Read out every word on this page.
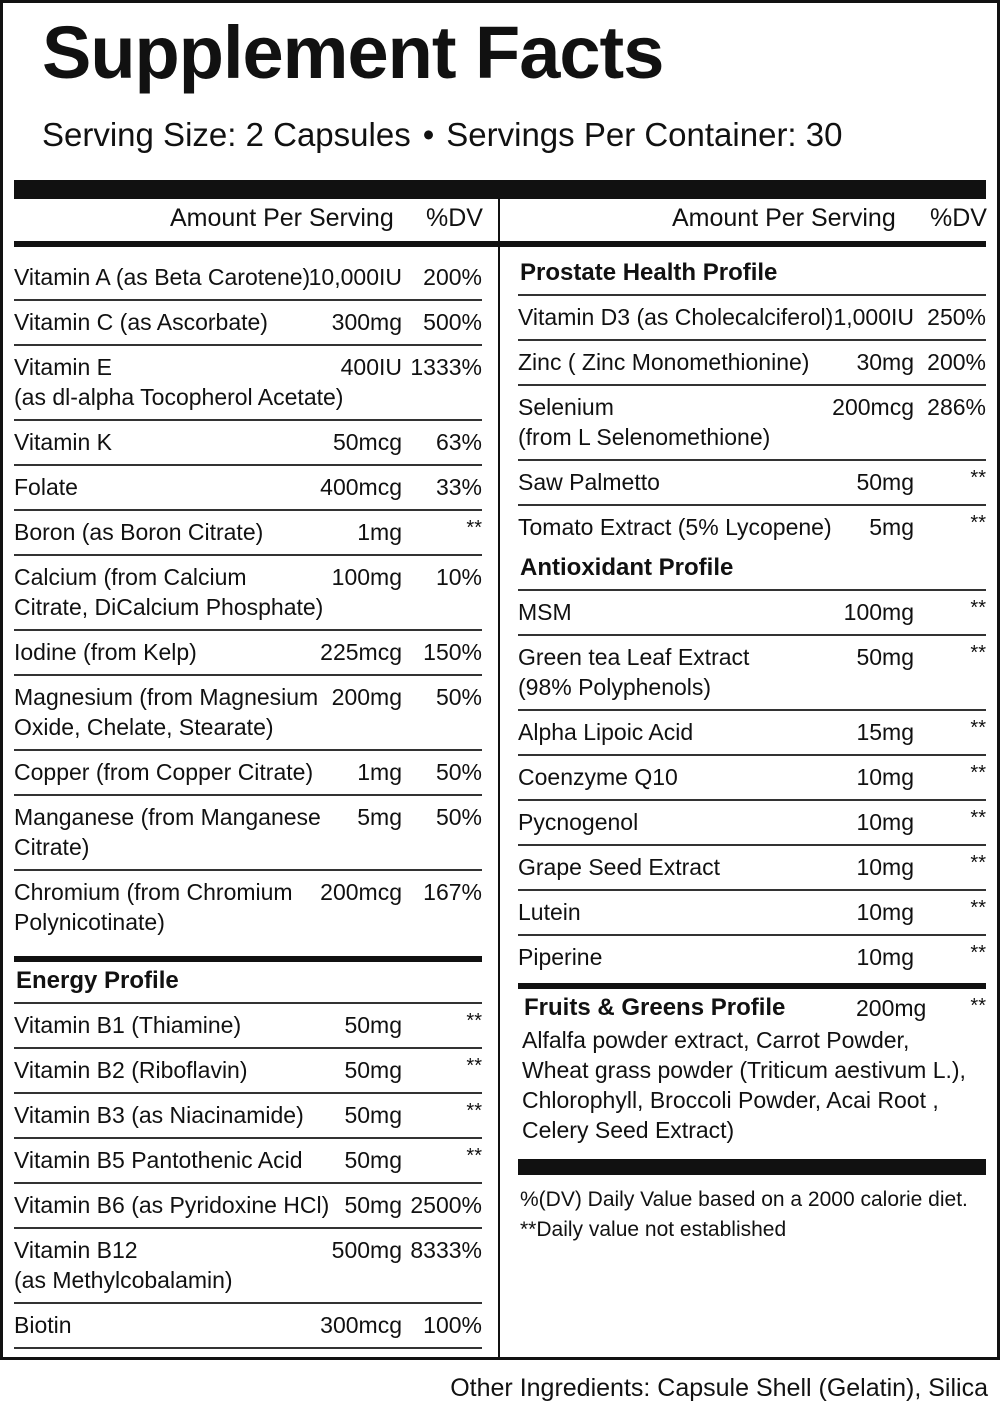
Supplement Facts
Serving Size: 2 Capsules • Servings Per Container: 30
Amount Per Serving %DV	Amount Per Serving %DV
Vitamin A (as Beta Carotene)
10,000IU 200%
Vitamin C (as Ascorbate)	300mg 500%
Vitamin E
(as dl-alpha Tocopherol Acetate)
400IU 1333%
Vitamin K	50mcg 63%
Folate	400mcg 33%
Boron (as Boron Citrate)	1mg	**
Calcium (from Calcium
Citrate, DiCalcium Phosphate)
100mg 10%
Iodine (from Kelp)	225mcg 150%
Magnesium (from Magnesium
Oxide, Chelate, Stearate)
200mg 50%
Copper (from Copper Citrate)	1mg 50%
Manganese (from Manganese
Citrate)
5mg 50%
Chromium (from Chromium
Polynicotinate)
200mcg 167%
Energy Profile
Vitamin B1 (Thiamine)	50mg	**
Vitamin B2 (Riboflavin)	50mg	**
Vitamin B3 (as Niacinamide)	50mg	**
Vitamin B5 Pantothenic Acid	50mg	**
Vitamin B6 (as Pyridoxine HCl) 50mg 2500%
Vitamin B12
(as Methylcobalamin)
500mg 8333%
Biotin	300mcg 100%
Prostate Health Profile
Vitamin D3 (as Cholecalciferol) 1,000IU 250%
Zinc ( Zinc Monomethionine)	30mg 200%
Selenium
(from L Selenomethione)
200mcg 286%
Saw Palmetto	50mg	**
Tomato Extract (5% Lycopene)	5mg	**
Antioxidant Profile
MSM	100mg	**
Green tea Leaf Extract
(98% Polyphenols)
50mg	**
Alpha Lipoic Acid	15mg	**
Coenzyme Q10	10mg	**
Pycnogenol	10mg	**
Grape Seed Extract	10mg	**
Lutein	10mg	**
Piperine	10mg	**
Fruits & Greens Profile	200mg **
Alfalfa powder extract, Carrot Powder,
Wheat grass powder (Triticum aestivum L.),
Chlorophyll, Broccoli Powder, Acai Root ,
Celery Seed Extract)
%(DV) Daily Value based on a 2000 calorie diet.
**Daily value not established
Other Ingredients: Capsule Shell (Gelatin), Silica
